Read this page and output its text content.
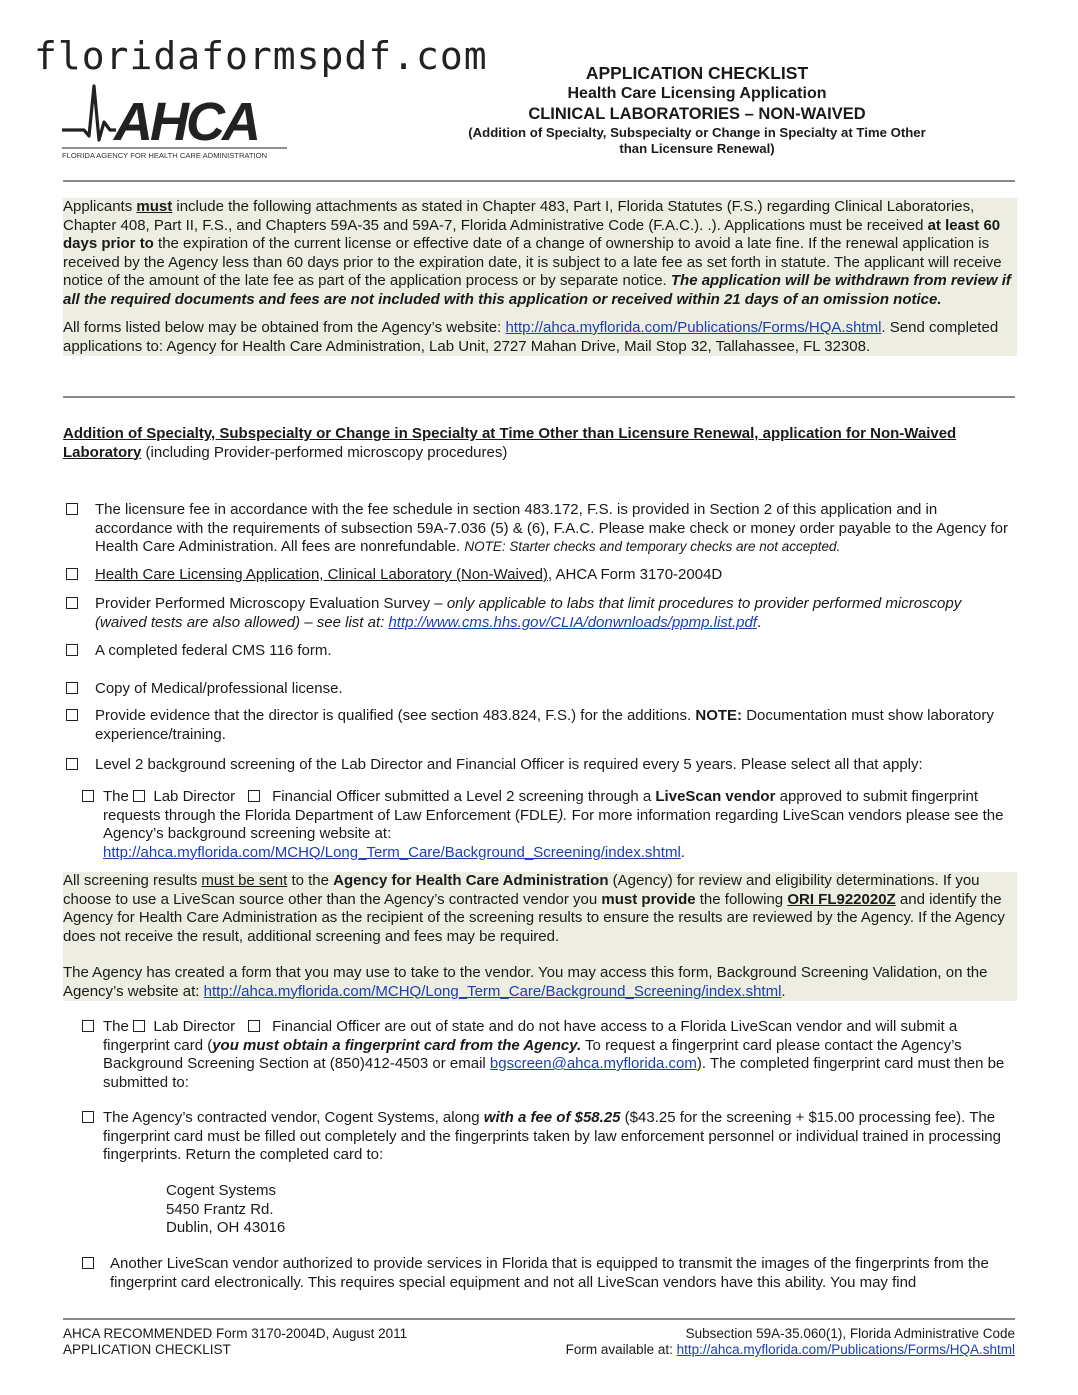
floridaformspdf.com
AHCA
FLORIDA AGENCY FOR HEALTH CARE ADMINISTRATION
APPLICATION CHECKLIST
Health Care Licensing Application
CLINICAL LABORATORIES – NON-WAIVED
(Addition of Specialty, Subspecialty or Change in Specialty at Time Other
than Licensure Renewal)
Applicants must include the following attachments as stated in Chapter 483, Part I, Florida Statutes (F.S.) regarding Clinical Laboratories, Chapter 408, Part II, F.S., and Chapters 59A-35 and 59A-7, Florida Administrative Code (F.A.C.). .). Applications must be received at least 60 days prior to the expiration of the current license or effective date of a change of ownership to avoid a late fine. If the renewal application is received by the Agency less than 60 days prior to the expiration date, it is subject to a late fee as set forth in statute. The applicant will receive notice of the amount of the late fee as part of the application process or by separate notice. The application will be withdrawn from review if all the required documents and fees are not included with this application or received within 21 days of an omission notice.
All forms listed below may be obtained from the Agency’s website: http://ahca.myflorida.com/Publications/Forms/HQA.shtml. Send completed applications to: Agency for Health Care Administration, Lab Unit, 2727 Mahan Drive, Mail Stop 32, Tallahassee, FL 32308.
Addition of Specialty, Subspecialty or Change in Specialty at Time Other than Licensure Renewal, application for Non-Waived Laboratory (including Provider-performed microscopy procedures)
The licensure fee in accordance with the fee schedule in section 483.172, F.S. is provided in Section 2 of this application and in accordance with the requirements of subsection 59A-7.036 (5) & (6), F.A.C. Please make check or money order payable to the Agency for Health Care Administration. All fees are nonrefundable. NOTE: Starter checks and temporary checks are not accepted.
Health Care Licensing Application, Clinical Laboratory (Non-Waived), AHCA Form 3170-2004D
Provider Performed Microscopy Evaluation Survey – only applicable to labs that limit procedures to provider performed microscopy (waived tests are also allowed) – see list at: http://www.cms.hhs.gov/CLIA/donwnloads/ppmp.list.pdf.
A completed federal CMS 116 form.
Copy of Medical/professional license.
Provide evidence that the director is qualified (see section 483.824, F.S.) for the additions. NOTE: Documentation must show laboratory experience/training.
Level 2 background screening of the Lab Director and Financial Officer is required every 5 years. Please select all that apply:
The Lab Director Financial Officer submitted a Level 2 screening through a LiveScan vendor approved to submit fingerprint requests through the Florida Department of Law Enforcement (FDLE). For more information regarding LiveScan vendors please see the Agency’s background screening website at:
http://ahca.myflorida.com/MCHQ/Long_Term_Care/Background_Screening/index.shtml.
All screening results must be sent to the Agency for Health Care Administration (Agency) for review and eligibility determinations. If you choose to use a LiveScan source other than the Agency’s contracted vendor you must provide the following ORI FL922020Z and identify the Agency for Health Care Administration as the recipient of the screening results to ensure the results are reviewed by the Agency. If the Agency does not receive the result, additional screening and fees may be required.
The Agency has created a form that you may use to take to the vendor. You may access this form, Background Screening Validation, on the Agency’s website at: http://ahca.myflorida.com/MCHQ/Long_Term_Care/Background_Screening/index.shtml.
The Lab Director Financial Officer are out of state and do not have access to a Florida LiveScan vendor and will submit a fingerprint card (you must obtain a fingerprint card from the Agency. To request a fingerprint card please contact the Agency’s Background Screening Section at (850)412-4503 or email bgscreen@ahca.myflorida.com). The completed fingerprint card must then be submitted to:
The Agency’s contracted vendor, Cogent Systems, along with a fee of $58.25 ($43.25 for the screening + $15.00 processing fee). The fingerprint card must be filled out completely and the fingerprints taken by law enforcement personnel or individual trained in processing fingerprints. Return the completed card to:
Cogent Systems
5450 Frantz Rd.
Dublin, OH 43016
Another LiveScan vendor authorized to provide services in Florida that is equipped to transmit the images of the fingerprints from the fingerprint card electronically. This requires special equipment and not all LiveScan vendors have this ability. You may find
AHCA RECOMMENDED Form 3170-2004D, August 2011
APPLICATION CHECKLIST
Subsection 59A-35.060(1), Florida Administrative Code
Form available at: http://ahca.myflorida.com/Publications/Forms/HQA.shtml
